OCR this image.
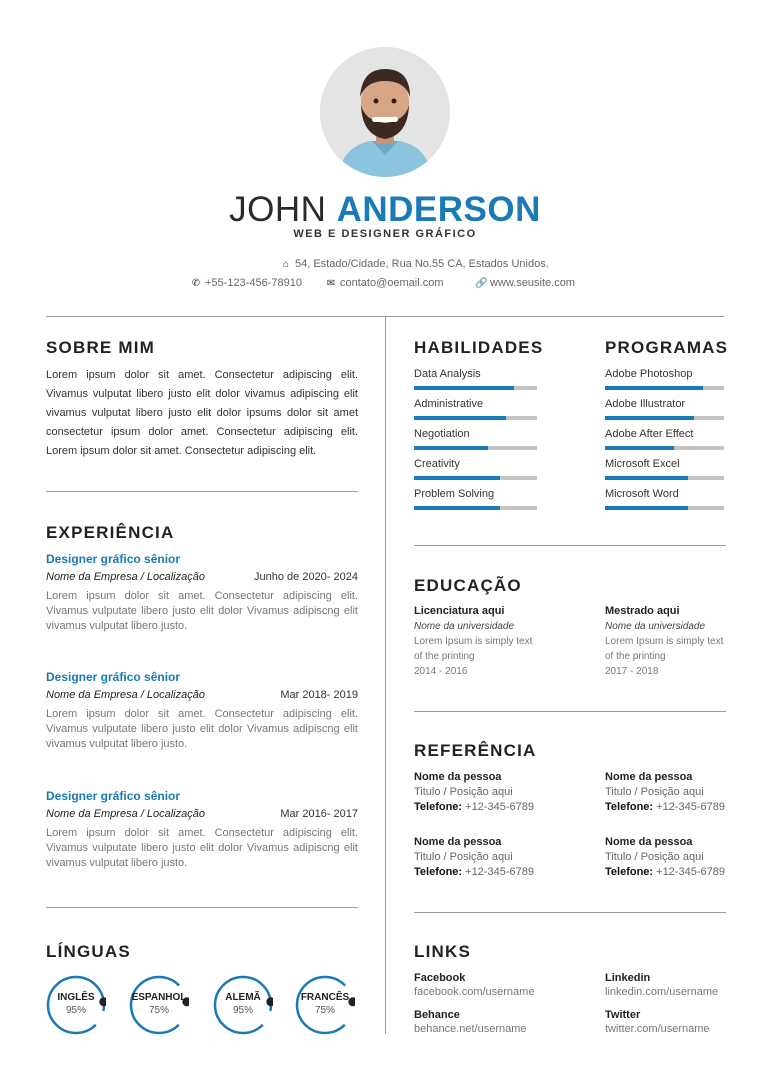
JOHN ANDERSON
WEB E DESIGNER GRÁFICO
⌂ 54, Estado/Cidade, Rua No.55 CA, Estados Unidos.
✆ +55-123-456-78910 ✉ contato@oemail.com	🔗 www.seusite.com
SOBRE MIM
Lorem ipsum dolor sit amet. Consectetur adipiscing elit. Vivamus vulputat libero justo elit dolor vivamus adipiscing elit vivamus vulputat libero justo elit dolor ipsums dolor sit amet consectetur ipsum dolor amet. Consectetur adipiscing elit. Lorem ipsum dolor sit amet. Consectetur adipiscing elit.
EXPERIÊNCIA
Designer gráfico sênior
Nome da Empresa / Localização	Junho de 2020- 2024
Lorem ipsum dolor sit amet. Consectetur adipiscing elit. Vivamus vulputate libero justo elit dolor Vivamus adipiscng elit vivamus vulputat libero justo.
Designer gráfico sênior
Nome da Empresa / Localização	Mar 2018- 2019
Lorem ipsum dolor sit amet. Consectetur adipiscing elit. Vivamus vulputate libero justo elit dolor Vivamus adipiscng elit vivamus vulputat libero justo.
Designer gráfico sênior
Nome da Empresa / Localização	Mar 2016- 2017
Lorem ipsum dolor sit amet. Consectetur adipiscing elit. Vivamus vulputate libero justo elit dolor Vivamus adipiscng elit vivamus vulputat libero justo.
LÍNGUAS
INGLÊS
95%
ESPANHOL
75%
ALEMÃ
95%
FRANCÊS
75%
HABILIDADES	PROGRAMAS
Data Analysis
Administrative
Negotiation
Creativity
Problem Solving
Adobe Photoshop
Adobe Illustrator
Adobe After Effect
Microsoft Excel
Microsoft Word
EDUCAÇÃO
Licenciatura aqui
Nome da universidade
Lorem Ipsum is simply text
of the printing
2014 - 2016
Mestrado aqui
Nome da universidade
Lorem Ipsum is simply text
of the printing
2017 - 2018
REFERÊNCIA
Nome da pessoa
Titulo / Posição aqui
Telefone: +12-345-6789
Nome da pessoa
Titulo / Posição aqui
Telefone: +12-345-6789
Nome da pessoa
Titulo / Posição aqui
Telefone: +12-345-6789
Nome da pessoa
Titulo / Posição aqui
Telefone: +12-345-6789
LINKS
Facebook
facebook.com/username
Linkedin
linkedin.com/username
Behance
behance.net/username
Twitter
twitter.com/username
